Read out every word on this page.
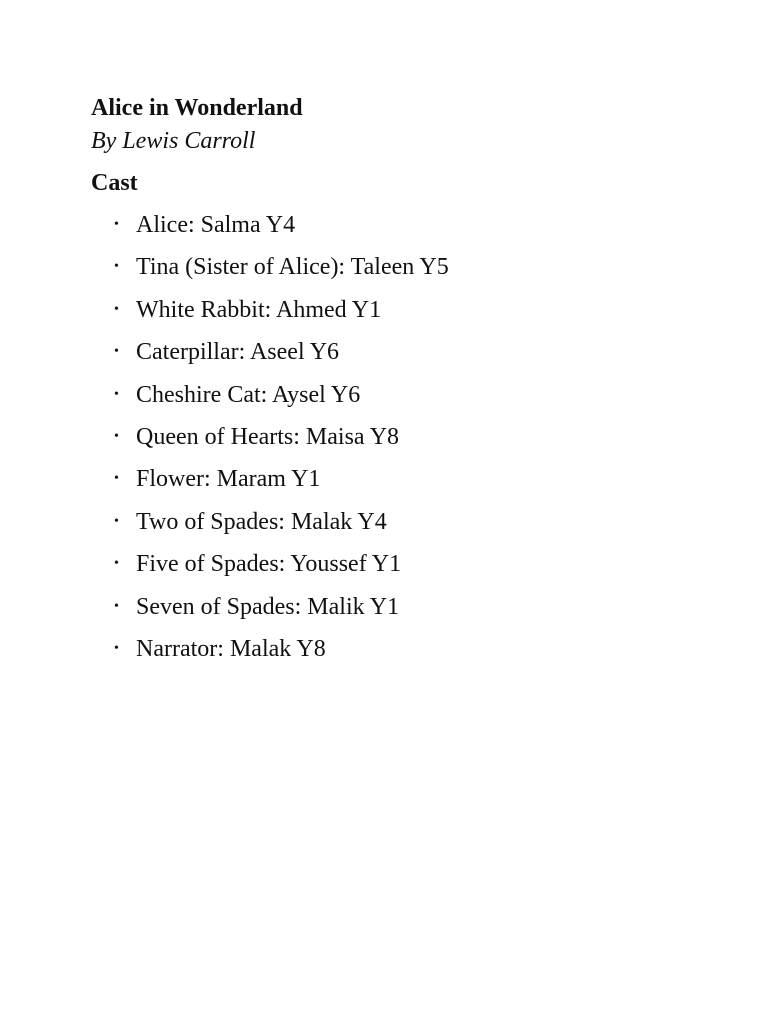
Alice in Wonderland

By Lewis Carroll

Cast
• Alice: Salma Y4
• Tina (Sister of Alice): Taleen Y5
• White Rabbit: Ahmed Y1
• Caterpillar: Aseel Y6
• Cheshire Cat: Aysel Y6
• Queen of Hearts: Maisa Y8
• Flower: Maram Y1
• Two of Spades: Malak Y4
• Five of Spades: Youssef Y1
• Seven of Spades: Malik Y1
• Narrator: Malak Y8
